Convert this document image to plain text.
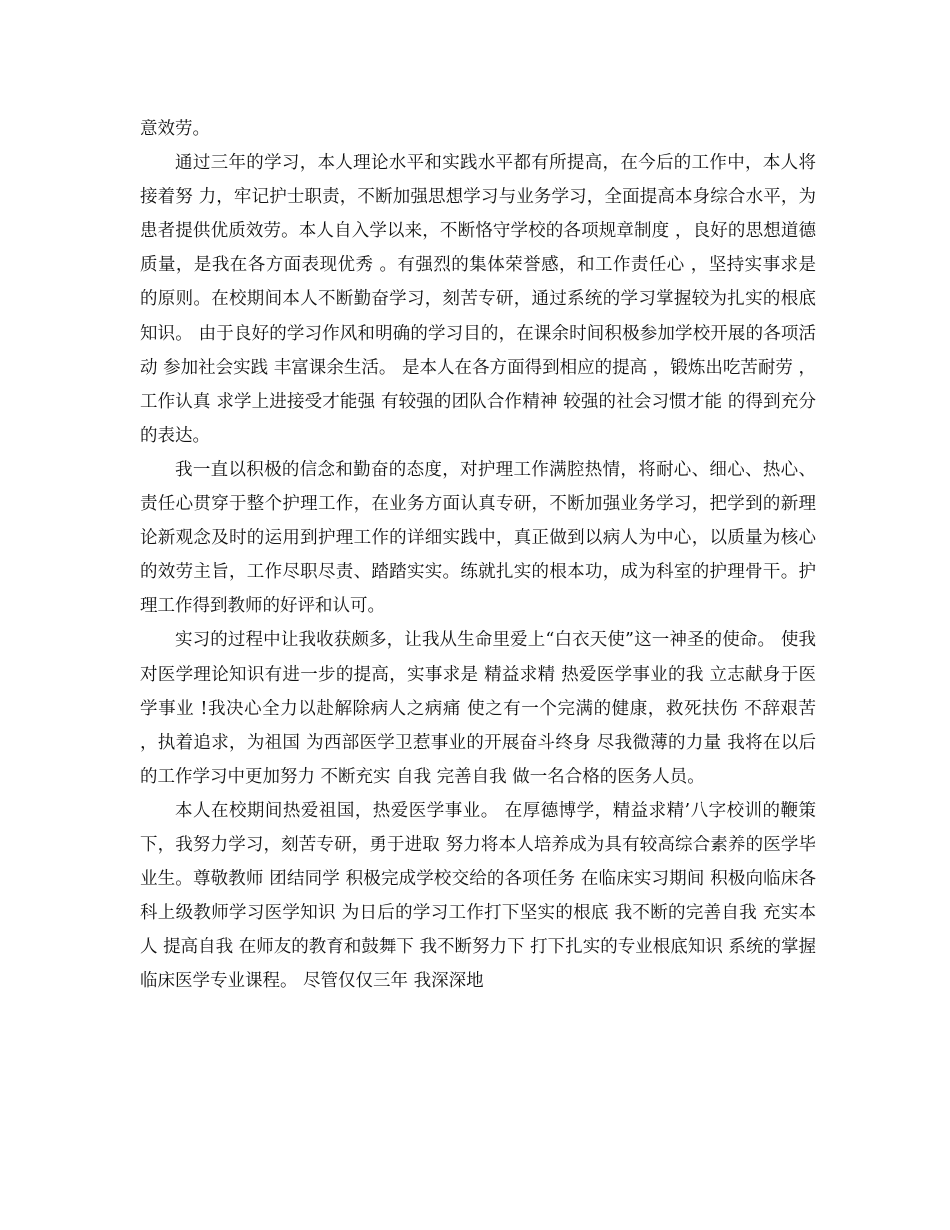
意效劳。

通过三年的学习，本人理论水平和实践水平都有所提高，在今后的工作中，本人将接着努 力，牢记护士职责，不断加强思想学习与业务学习，全面提高本身综合水平，为患者提供优质效劳。本人自入学以来，不断恪守学校的各项规章制度 ，良好的思想道德质量，是我在各方面表现优秀 。有强烈的集体荣誉感，和工作责任心 ，坚持实事求是的原则。在校期间本人不断勤奋学习，刻苦专研，通过系统的学习掌握较为扎实的根底知识。 由于良好的学习作风和明确的学习目的，在课余时间积极参加学校开展的各项活动 参加社会实践 丰富课余生活。 是本人在各方面得到相应的提高 ，锻炼出吃苦耐劳 ，工作认真 求学上进接受才能强 有较强的团队合作精神 较强的社会习惯才能 的得到充分的表达。

我一直以积极的信念和勤奋的态度，对护理工作满腔热情，将耐心、细心、热心、责任心贯穿于整个护理工作，在业务方面认真专研，不断加强业务学习，把学到的新理论新观念及时的运用到护理工作的详细实践中，真正做到以病人为中心，以质量为核心的效劳主旨，工作尽职尽责、踏踏实实。练就扎实的根本功，成为科室的护理骨干。护理工作得到教师的好评和认可。

实习的过程中让我收获颇多，让我从生命里爱上“白衣天使”这一神圣的使命。 使我对医学理论知识有进一步的提高，实事求是 精益求精 热爱医学事业的我 立志献身于医学事业 !我决心全力以赴解除病人之病痛 使之有一个完满的健康，救死扶伤 不辞艰苦 ，执着追求，为祖国 为西部医学卫惹事业的开展奋斗终身 尽我微薄的力量 我将在以后的工作学习中更加努力 不断充实 自我 完善自我 做一名合格的医务人员。

本人在校期间热爱祖国，热爱医学事业。 在厚德博学，精益求精’八字校训的鞭策下，我努力学习，刻苦专研，勇于进取 努力将本人培养成为具有较高综合素养的医学毕业生。尊敬教师 团结同学 积极完成学校交给的各项任务 在临床实习期间 积极向临床各科上级教师学习医学知识 为日后的学习工作打下坚实的根底 我不断的完善自我 充实本人 提高自我 在师友的教育和鼓舞下 我不断努力下 打下扎实的专业根底知识 系统的掌握临床医学专业课程。 尽管仅仅三年 我深深地
